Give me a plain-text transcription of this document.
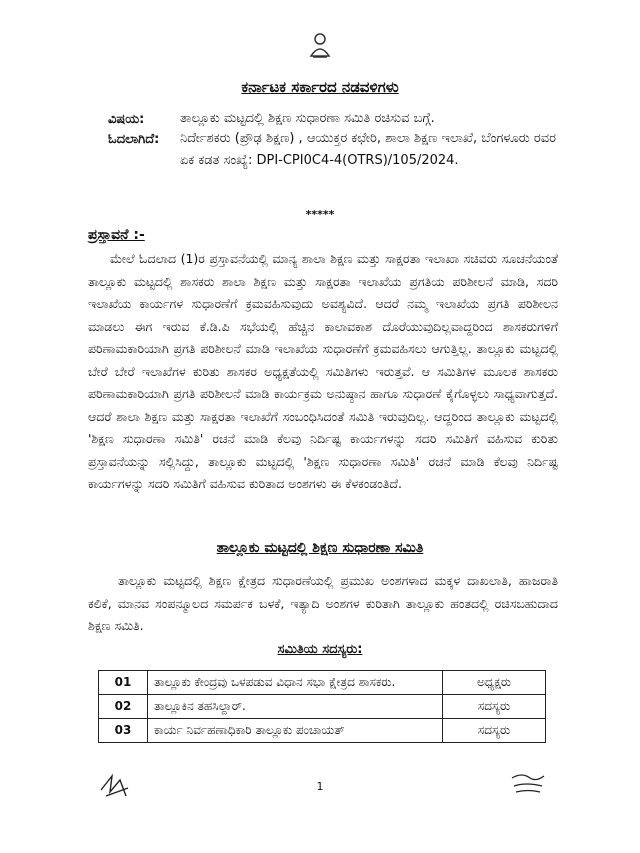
ಕರ್ನಾಟಕ ಸರ್ಕಾರದ ನಡವಳಿಗಳು
ವಿಷಯ:	ತಾಲ್ಲೂಕು ಮಟ್ಟದಲ್ಲಿ ಶಿಕ್ಷಣ ಸುಧಾರಣಾ ಸಮಿತಿ ರಚಿಸುವ ಬಗ್ಗೆ.
ಓದಲಾಗಿದೆ: ನಿರ್ದೇಶಕರು (ಪ್ರೌಢ ಶಿಕ್ಷಣ) , ಆಯುಕ್ತರ ಕಛೇರಿ, ಶಾಲಾ ಶಿಕ್ಷಣ ಇಲಾಖೆ, ಬೆಂಗಳೂರು ರವರ ಏಕ ಕಡತ ಸಂಖ್ಯೆ: DPI-CPI0C4-4(OTRS)/105/2024.
*****
ಪ್ರಸ್ತಾವನೆ :-

ಮೇಲೆ ಓದಲಾದ (1)ರ ಪ್ರಸ್ತಾವನೆಯಲ್ಲಿ ಮಾನ್ಯ ಶಾಲಾ ಶಿಕ್ಷಣ ಮತ್ತು ಸಾಕ್ಷರತಾ ಇಲಾಖಾ ಸಚಿವರು ಸೂಚನೆಯಂತೆ ತಾಲ್ಲೂಕು ಮಟ್ಟದಲ್ಲಿ ಶಾಸಕರು ಶಾಲಾ ಶಿಕ್ಷಣ ಮತ್ತು ಸಾಕ್ಷರತಾ ಇಲಾಖೆಯ ಪ್ರಗತಿಯ ಪರಿಶೀಲನೆ ಮಾಡಿ, ಸದರಿ ಇಲಾಖೆಯ ಕಾರ್ಯಗಳ ಸುಧಾರಣೆಗೆ ಕ್ರಮವಹಿಸುವುದು ಅವಶ್ಯವಿದೆ. ಆದರೆ ನಮ್ಮ ಇಲಾಖೆಯ ಪ್ರಗತಿ ಪರಿಶೀಲನ ಮಾಡಲು ಈಗ ಇರುವ ಕೆ.ಡಿ.ಪಿ ಸಭೆಯಲ್ಲಿ ಹೆಚ್ಚಿನ ಕಾಲಾವಕಾಶ ದೊರೆಯುವುದಿಲ್ಲವಾದ್ದರಿಂದ ಶಾಸಕರುಗಳಿಗೆ ಪರಿಣಾಮಕಾರಿಯಾಗಿ ಪ್ರಗತಿ ಪರಿಶೀಲನೆ ಮಾಡಿ ಇಲಾಖೆಯ ಸುಧಾರಣೆಗೆ ಕ್ರಮವಹಿಸಲು ಆಗುತ್ತಿಲ್ಲ. ತಾಲ್ಲೂಕು ಮಟ್ಟದಲ್ಲಿ ಬೇರೆ ಬೇರೆ ಇಲಾಖೆಗಳ ಕುರಿತು ಶಾಸಕರ ಅಧ್ಯಕ್ಷತೆಯಲ್ಲಿ ಸಮಿತಿಗಳು ಇರುತ್ತವೆ. ಆ ಸಮಿತಿಗಳ ಮೂಲಕ ಶಾಸಕರು ಪರಿಣಾಮಕಾರಿಯಾಗಿ ಪ್ರಗತಿ ಪರಿಶೀಲನೆ ಮಾಡಿ ಕಾರ್ಯಕ್ರಮ ಅನುಷ್ಠಾನ ಹಾಗೂ ಸುಧಾರಣೆ ಕೈಗೊಳ್ಳಲು ಸಾಧ್ಯವಾಗುತ್ತದೆ. ಆದರೆ ಶಾಲಾ ಶಿಕ್ಷಣ ಮತ್ತು ಸಾಕ್ಷರತಾ ಇಲಾಖೆಗೆ ಸಂಬಂಧಿಸಿದಂತೆ ಸಮಿತಿ ಇರುವುದಿಲ್ಲ. ಆದ್ದರಿಂದ ತಾಲ್ಲೂಕು ಮಟ್ಟದಲ್ಲಿ 'ಶಿಕ್ಷಣ ಸುಧಾರಣಾ ಸಮಿತಿ' ರಚನೆ ಮಾಡಿ ಕೆಲವು ನಿರ್ದಿಷ್ಟ ಕಾರ್ಯಗಳನ್ನು ಸದರಿ ಸಮಿತಿಗೆ ವಹಿಸುವ ಕುರಿತು ಪ್ರಸ್ತಾವನೆಯನ್ನು ಸಲ್ಲಿಸಿದ್ದು, ತಾಲ್ಲೂಕು ಮಟ್ಟದಲ್ಲಿ 'ಶಿಕ್ಷಣ ಸುಧಾರಣಾ ಸಮಿತಿ' ರಚನೆ ಮಾಡಿ ಕೆಲವು ನಿರ್ದಿಷ್ಟ ಕಾರ್ಯಗಳನ್ನು ಸದರಿ ಸಮಿತಿಗೆ ವಹಿಸುವ ಕುರಿತಾದ ಅಂಶಗಳು ಈ ಕೆಳಕಂಡಂತಿದೆ.

ತಾಲ್ಲೂಕು ಮಟ್ಟದಲ್ಲಿ ಶಿಕ್ಷಣ ಸುಧಾರಣಾ ಸಮಿತಿ

ತಾಲ್ಲೂಕು ಮಟ್ಟದಲ್ಲಿ ಶಿಕ್ಷಣ ಕ್ಷೇತ್ರದ ಸುಧಾರಣೆಯಲ್ಲಿ ಪ್ರಮುಖ ಅಂಶಗಳಾದ ಮಕ್ಕಳ ದಾಖಲಾತಿ, ಹಾಜರಾತಿ ಕಲಿಕೆ, ಮಾನವ ಸಂಪನ್ಮೂಲದ ಸಮರ್ಪಕ ಬಳಕೆ, ಇತ್ಯಾದಿ ಅಂಶಗಳ ಕುರಿತಾಗಿ ತಾಲ್ಲೂಕು ಹಂತದಲ್ಲಿ ರಚಿಸಬಹುದಾದ ಶಿಕ್ಷಣ ಸಮಿತಿ.

ಸಮಿತಿಯ ಸದಸ್ಯರು:
01	ತಾಲ್ಲೂಕು ಕೇಂದ್ರವು ಒಳಪಡುವ ವಿಧಾನ ಸಭಾ ಕ್ಷೇತ್ರದ ಶಾಸಕರು.	ಅಧ್ಯಕ್ಷರು
02	ತಾಲ್ಲೂಕಿನ ತಹಸಿಲ್ದಾರ್.	ಸದಸ್ಯರು
03	ಕಾರ್ಯ ನಿರ್ವಹಣಾಧಿಕಾರಿ ತಾಲ್ಲೂಕು ಪಂಚಾಯತ್	ಸದಸ್ಯರು
1
